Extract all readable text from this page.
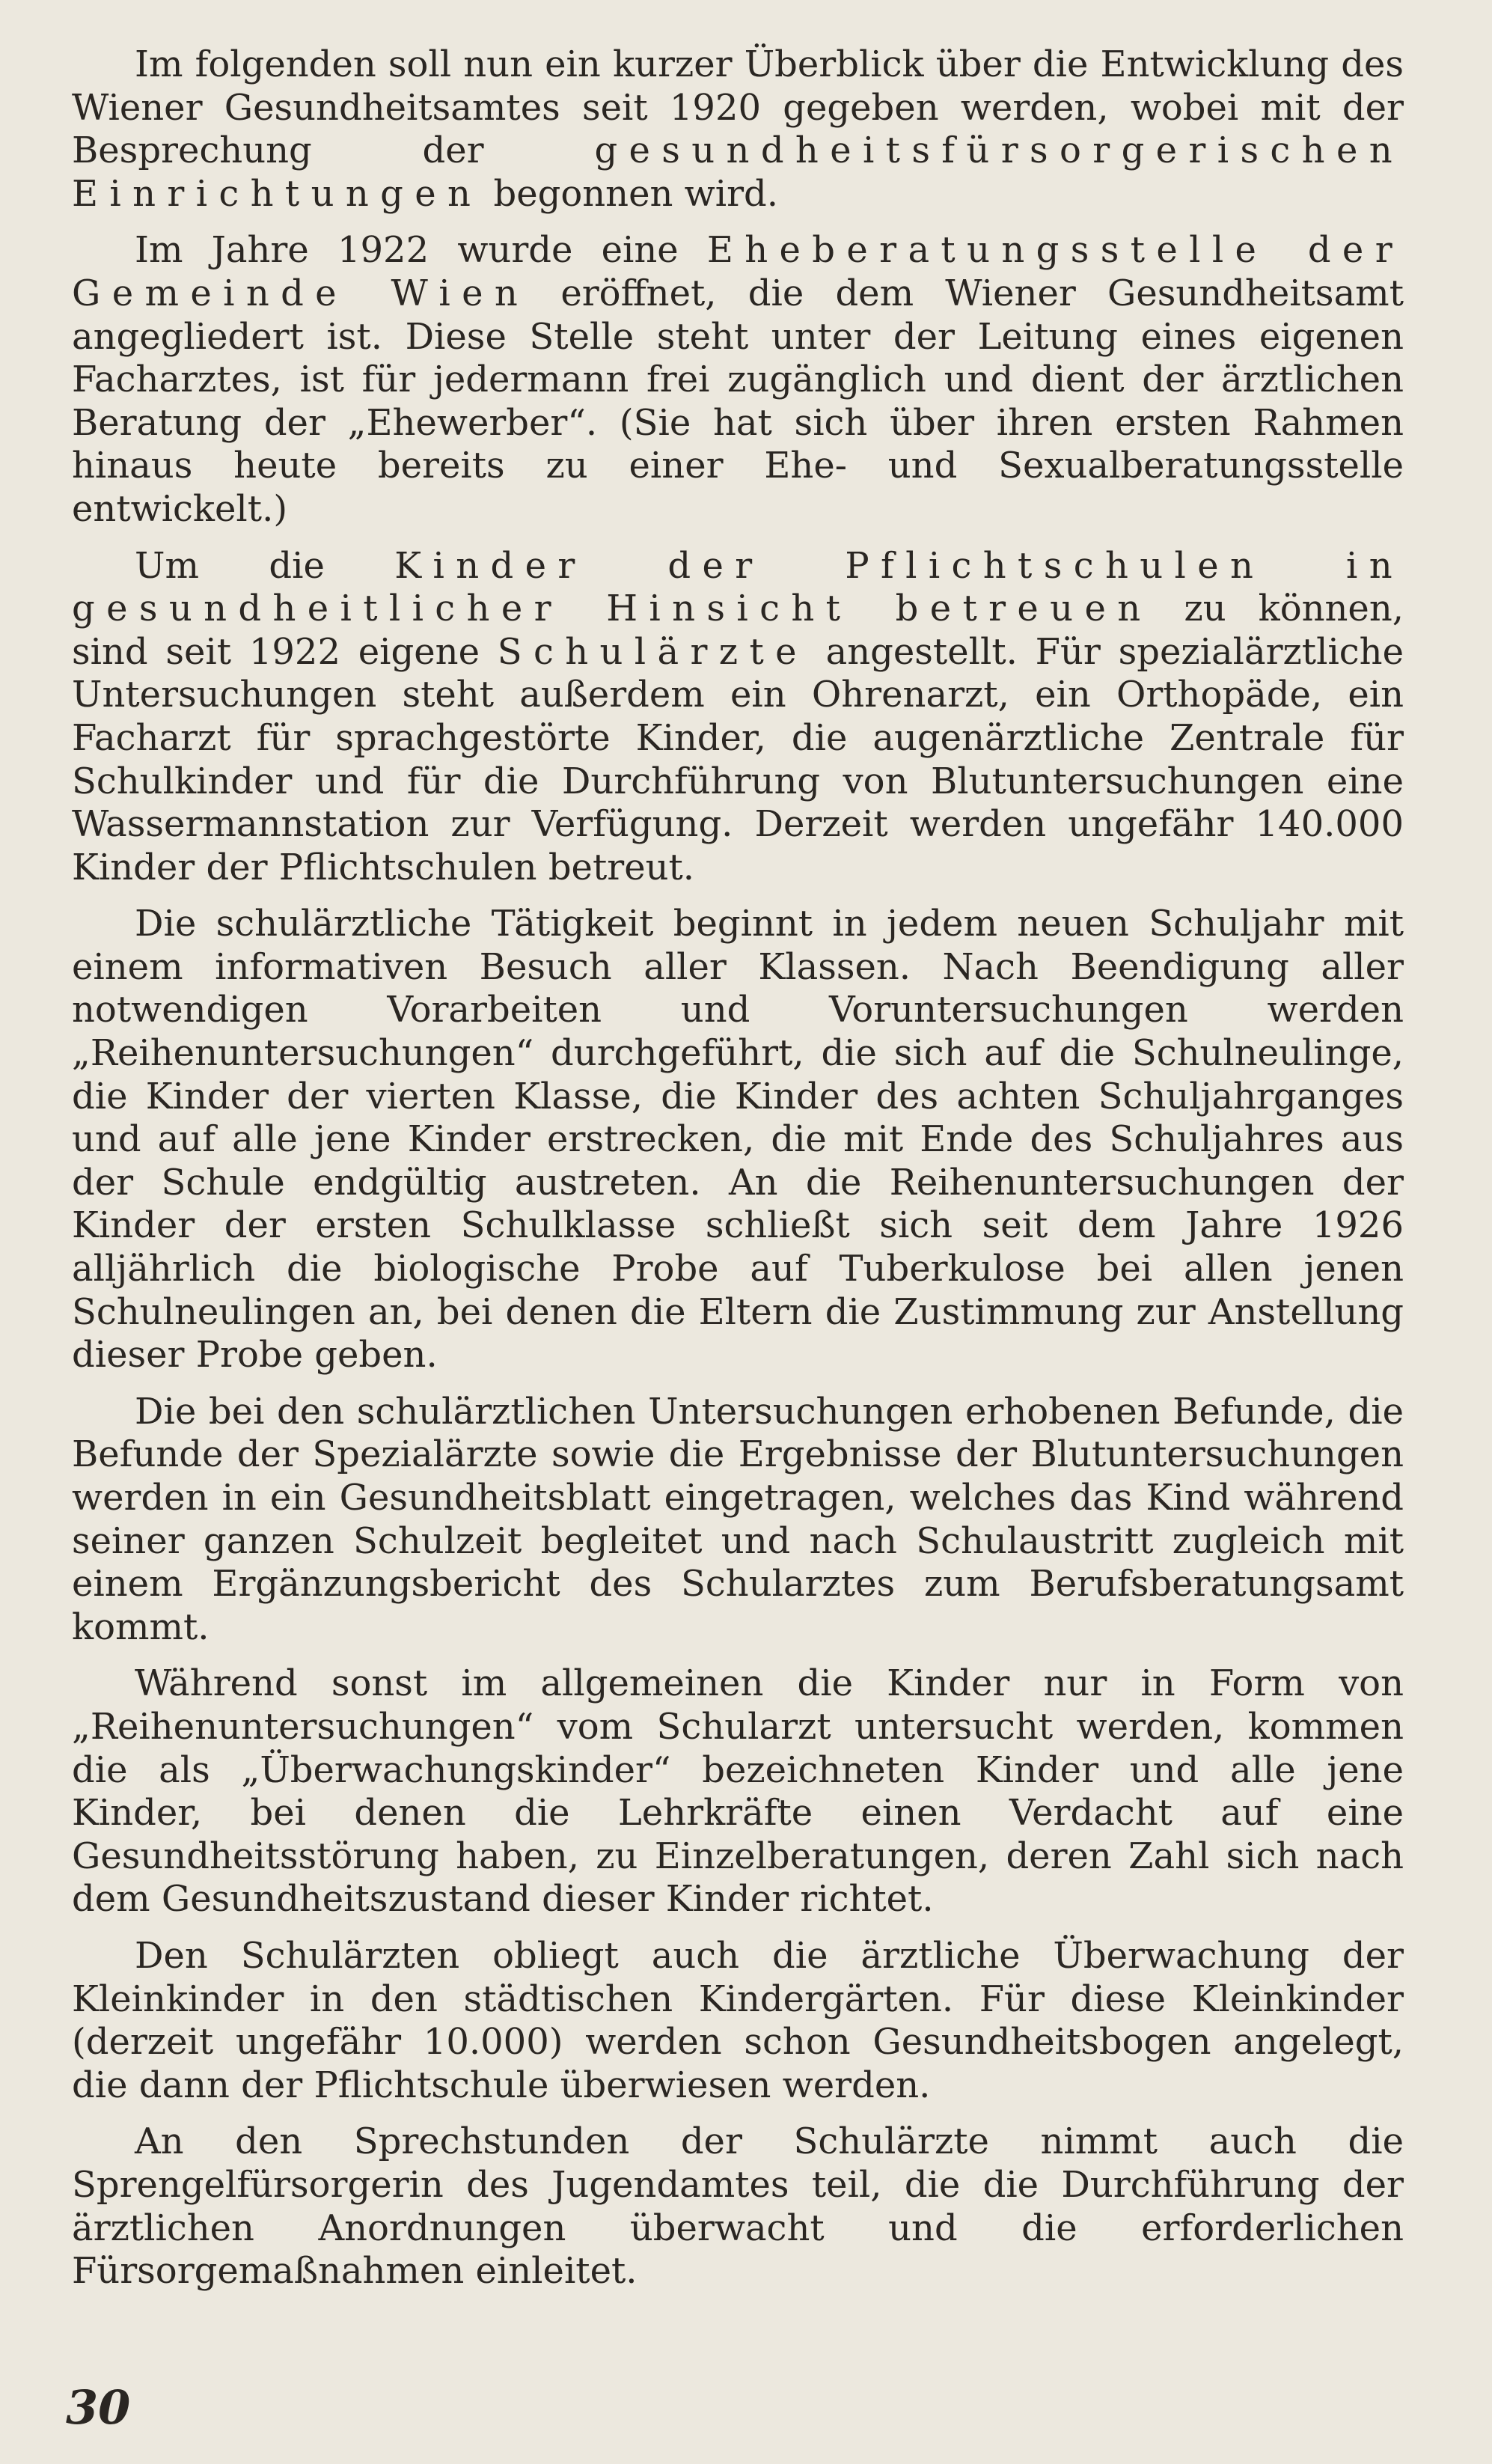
Im folgenden soll nun ein kurzer Überblick über die Entwicklung des Wiener Gesundheitsamtes seit 1920 gegeben werden, wobei mit der Besprechung der gesundheitsfürsorgerischen Einrichtungen begonnen wird.

Im Jahre 1922 wurde eine Eheberatungsstelle der Gemeinde Wien eröffnet, die dem Wiener Gesundheitsamt angegliedert ist. Diese Stelle steht unter der Leitung eines eigenen Facharztes, ist für jedermann frei zugänglich und dient der ärztlichen Beratung der „Ehewerber“. (Sie hat sich über ihren ersten Rahmen hinaus heute bereits zu einer Ehe- und Sexualberatungsstelle entwickelt.)

Um die Kinder der Pflichtschulen in gesundheitlicher Hinsicht betreuen zu können, sind seit 1922 eigene Schulärzte angestellt. Für spezialärztliche Untersuchungen steht außerdem ein Ohrenarzt, ein Orthopäde, ein Facharzt für sprachgestörte Kinder, die augenärztliche Zentrale für Schulkinder und für die Durchführung von Blutuntersuchungen eine Wassermannstation zur Verfügung. Derzeit werden ungefähr 140.000 Kinder der Pflichtschulen betreut.

Die schulärztliche Tätigkeit beginnt in jedem neuen Schuljahr mit einem informativen Besuch aller Klassen. Nach Beendigung aller notwendigen Vorarbeiten und Voruntersuchungen werden „Reihenuntersuchungen“ durchgeführt, die sich auf die Schulneulinge, die Kinder der vierten Klasse, die Kinder des achten Schuljahrganges und auf alle jene Kinder erstrecken, die mit Ende des Schuljahres aus der Schule endgültig austreten. An die Reihenuntersuchungen der Kinder der ersten Schulklasse schließt sich seit dem Jahre 1926 alljährlich die biologische Probe auf Tuberkulose bei allen jenen Schulneulingen an, bei denen die Eltern die Zustimmung zur Anstellung dieser Probe geben.

Die bei den schulärztlichen Untersuchungen erhobenen Befunde, die Befunde der Spezialärzte sowie die Ergebnisse der Blutuntersuchungen werden in ein Gesundheitsblatt eingetragen, welches das Kind während seiner ganzen Schulzeit begleitet und nach Schulaustritt zugleich mit einem Ergänzungsbericht des Schularztes zum Berufsberatungsamt kommt.

Während sonst im allgemeinen die Kinder nur in Form von „Reihenuntersuchungen“ vom Schularzt untersucht werden, kommen die als „Überwachungskinder“ bezeichneten Kinder und alle jene Kinder, bei denen die Lehrkräfte einen Verdacht auf eine Gesundheitsstörung haben, zu Einzelberatungen, deren Zahl sich nach dem Gesundheitszustand dieser Kinder richtet.

Den Schulärzten obliegt auch die ärztliche Überwachung der Kleinkinder in den städtischen Kindergärten. Für diese Kleinkinder (derzeit ungefähr 10.000) werden schon Gesundheitsbogen angelegt, die dann der Pflichtschule überwiesen werden.

An den Sprechstunden der Schulärzte nimmt auch die Sprengelfürsorgerin des Jugendamtes teil, die die Durchführung der ärztlichen Anordnungen überwacht und die erforderlichen Fürsorgemaßnahmen einleitet.

30
